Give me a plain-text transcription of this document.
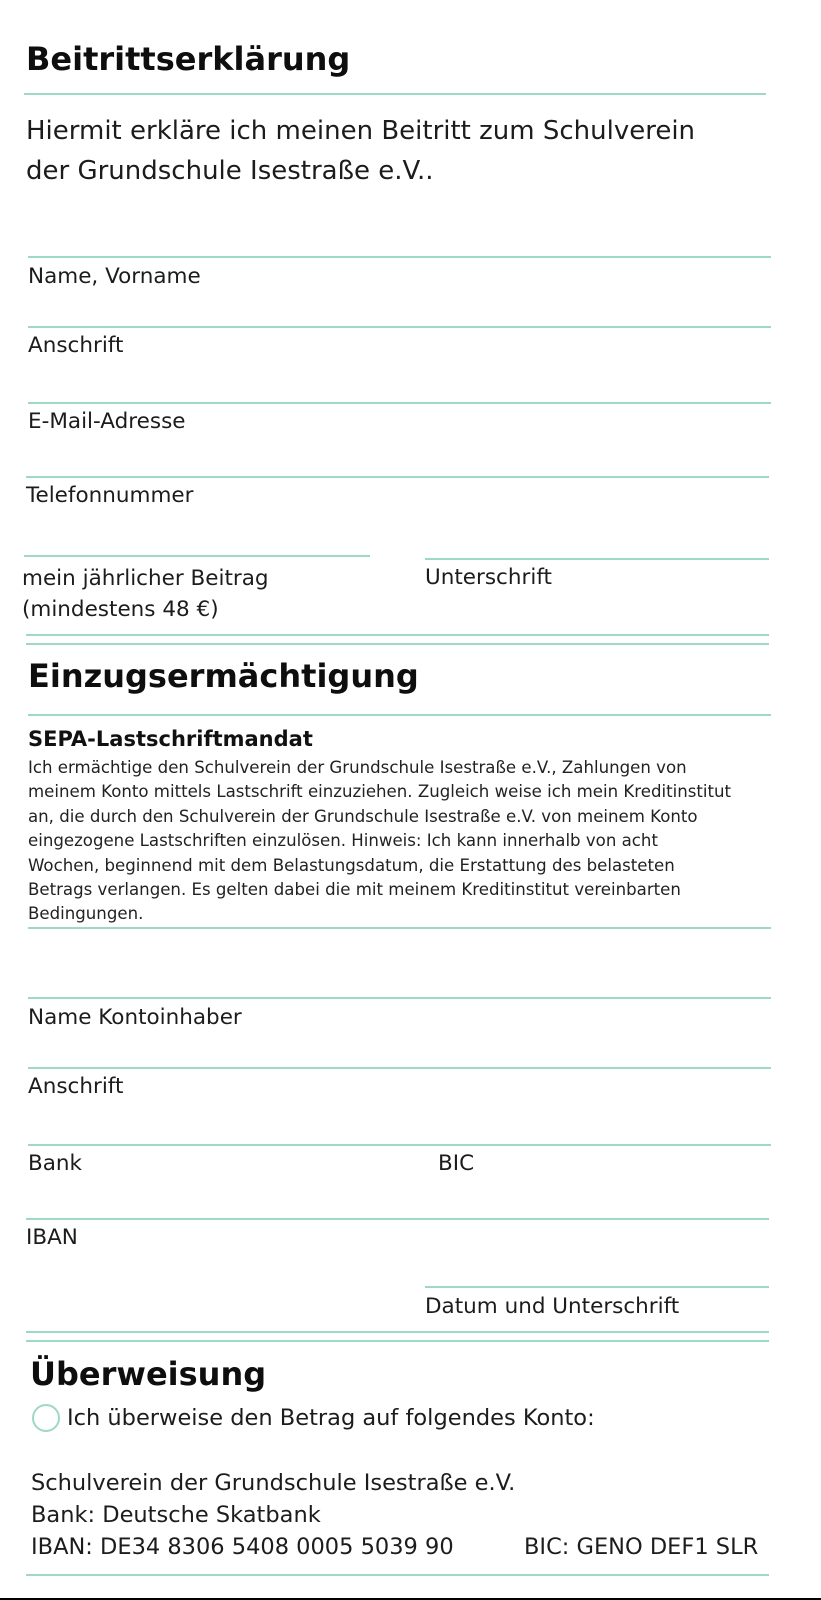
Beitrittserklärung
Hiermit erkläre ich meinen Beitritt zum Schulverein
der Grundschule Isestraße e.V..
Name, Vorname
Anschrift
E-Mail-Adresse
Telefonnummer
mein jährlicher Beitrag
(mindestens 48 €)
Unterschrift
Einzugsermächtigung
SEPA-Lastschriftmandat
Ich ermächtige den Schulverein der Grundschule Isestraße e.V., Zahlungen von
meinem Konto mittels Lastschrift einzuziehen. Zugleich weise ich mein Kreditinstitut
an, die durch den Schulverein der Grundschule Isestraße e.V. von meinem Konto
eingezogene Lastschriften einzulösen. Hinweis: Ich kann innerhalb von acht
Wochen, beginnend mit dem Belastungsdatum, die Erstattung des belasteten
Betrags verlangen. Es gelten dabei die mit meinem Kreditinstitut vereinbarten
Bedingungen.
Name Kontoinhaber
Anschrift
Bank	BIC
IBAN
Datum und Unterschrift
Überweisung
Ich überweise den Betrag auf folgendes Konto:
Schulverein der Grundschule Isestraße e.V.
Bank: Deutsche Skatbank
IBAN: DE34 8306 5408 0005 5039 90	BIC: GENO DEF1 SLR
